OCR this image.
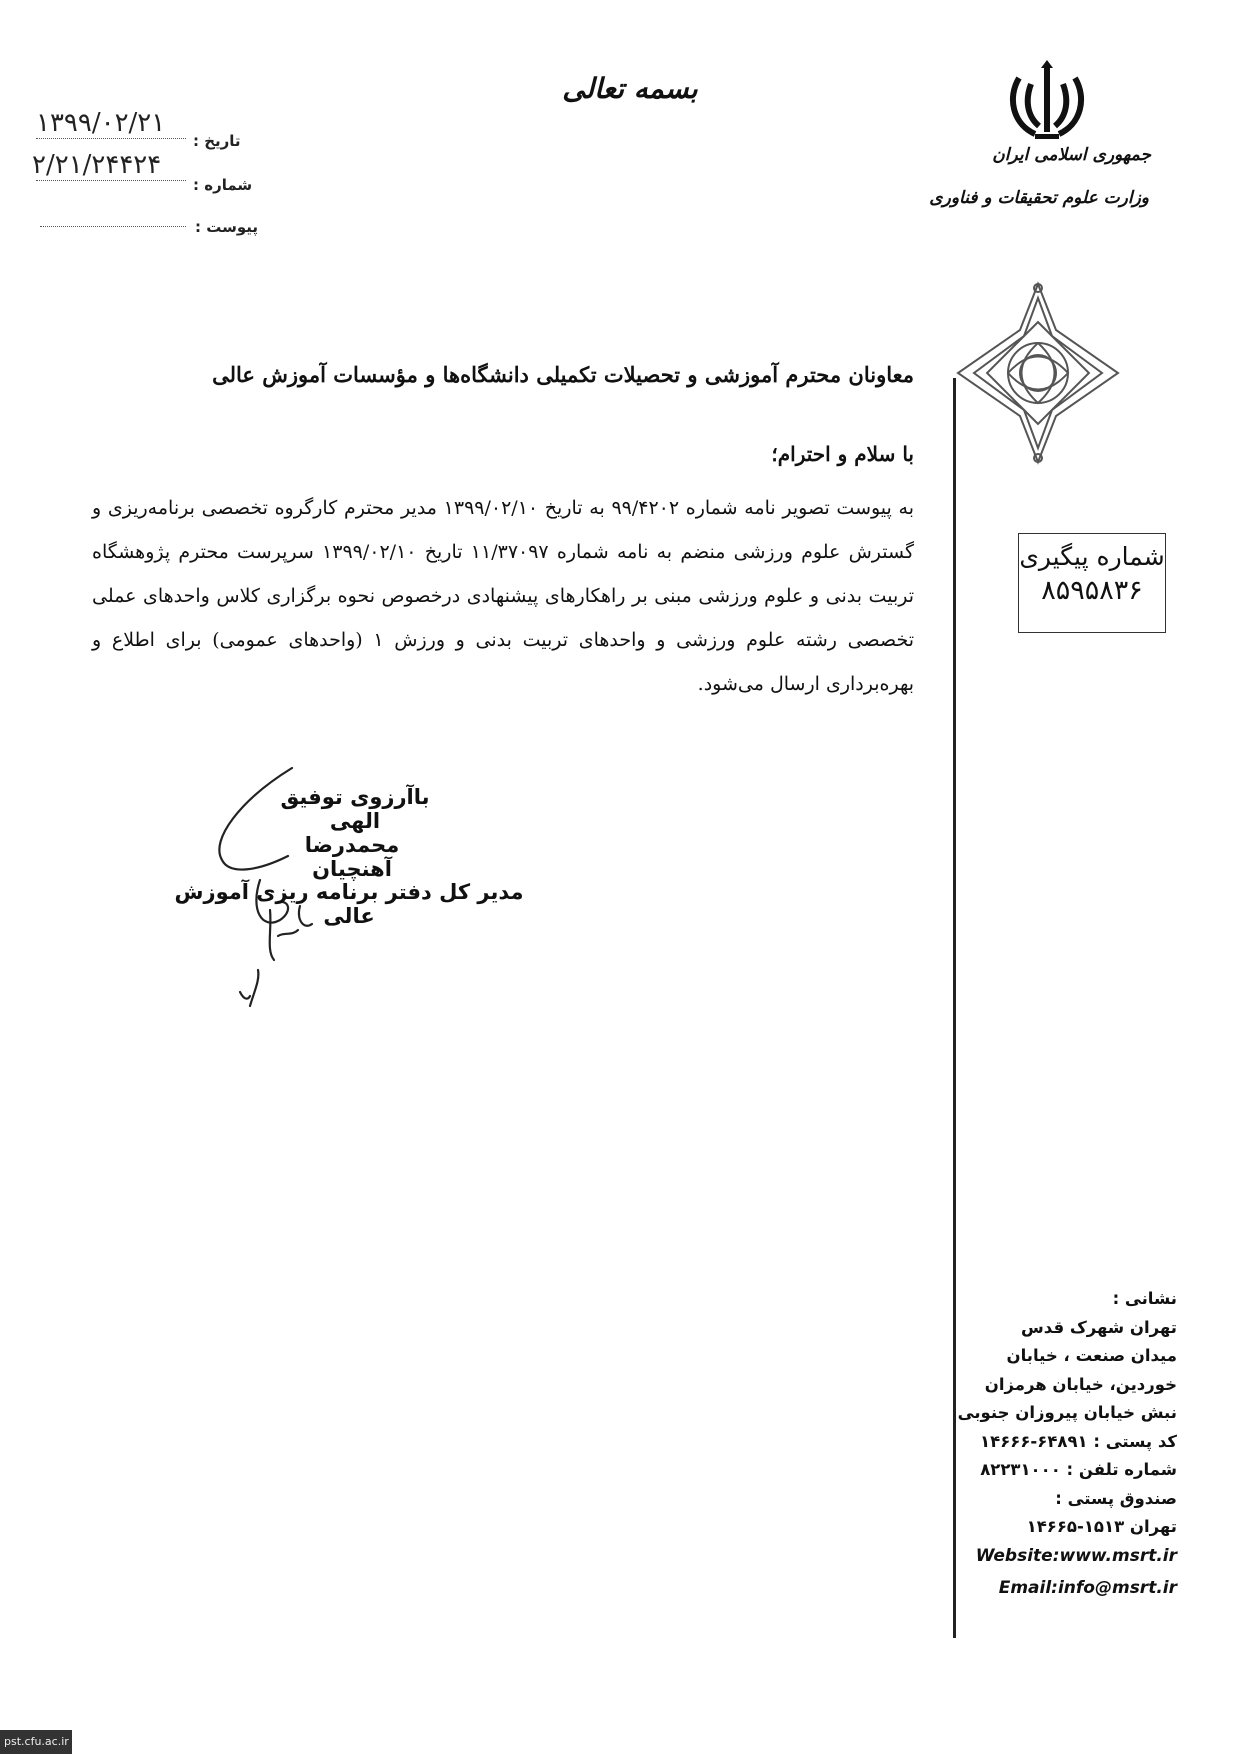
بسمه تعالی
جمهوری اسلامی ایران
وزارت علوم تحقیقات و فناوری
۱۳۹۹/۰۲/۲۱
تاریخ :
۲/۲۱/۲۴۴۲۴
شماره :
پیوست :
شماره پیگیری
۸۵۹۵۸۳۶
معاونان محترم آموزشی و تحصیلات تکمیلی دانشگاه‌ها و مؤسسات آموزش عالی
با سلام و احترام؛
به پیوست تصویر نامه شماره ۹۹/۴۲۰۲ به تاریخ ۱۳۹۹/۰۲/۱۰ مدیر محترم کارگروه تخصصی برنامه‌ریزی و گسترش علوم ورزشی منضم به نامه شماره ۱۱/۳۷۰۹۷ تاریخ ۱۳۹۹/۰۲/۱۰ سرپرست محترم پژوهشگاه تربیت بدنی و علوم ورزشی مبنی بر راهکارهای پیشنهادی درخصوص نحوه برگزاری کلاس واحدهای عملی تخصصی رشته علوم ورزشی و واحدهای تربیت بدنی و ورزش ۱ (واحدهای عمومی) برای اطلاع و بهره‌برداری ارسال می‌شود.
باآرزوی توفیق الهی
محمدرضا آهنچیان
مدیر کل دفتر برنامه ریزی آموزش عالی
نشانی :
تهران شهرک قدس
میدان صنعت ، خیابان
خوردین، خیابان هرمزان
نبش خیابان پیروزان جنوبی
کد پستی : ۶۴۸۹۱-۱۴۶۶۶
شماره تلفن : ۸۲۲۳۱۰۰۰
صندوق پستی :
تهران ۱۵۱۳-۱۴۶۶۵
Website:www.msrt.ir
Email:info@msrt.ir
pst.cfu.ac.ir
